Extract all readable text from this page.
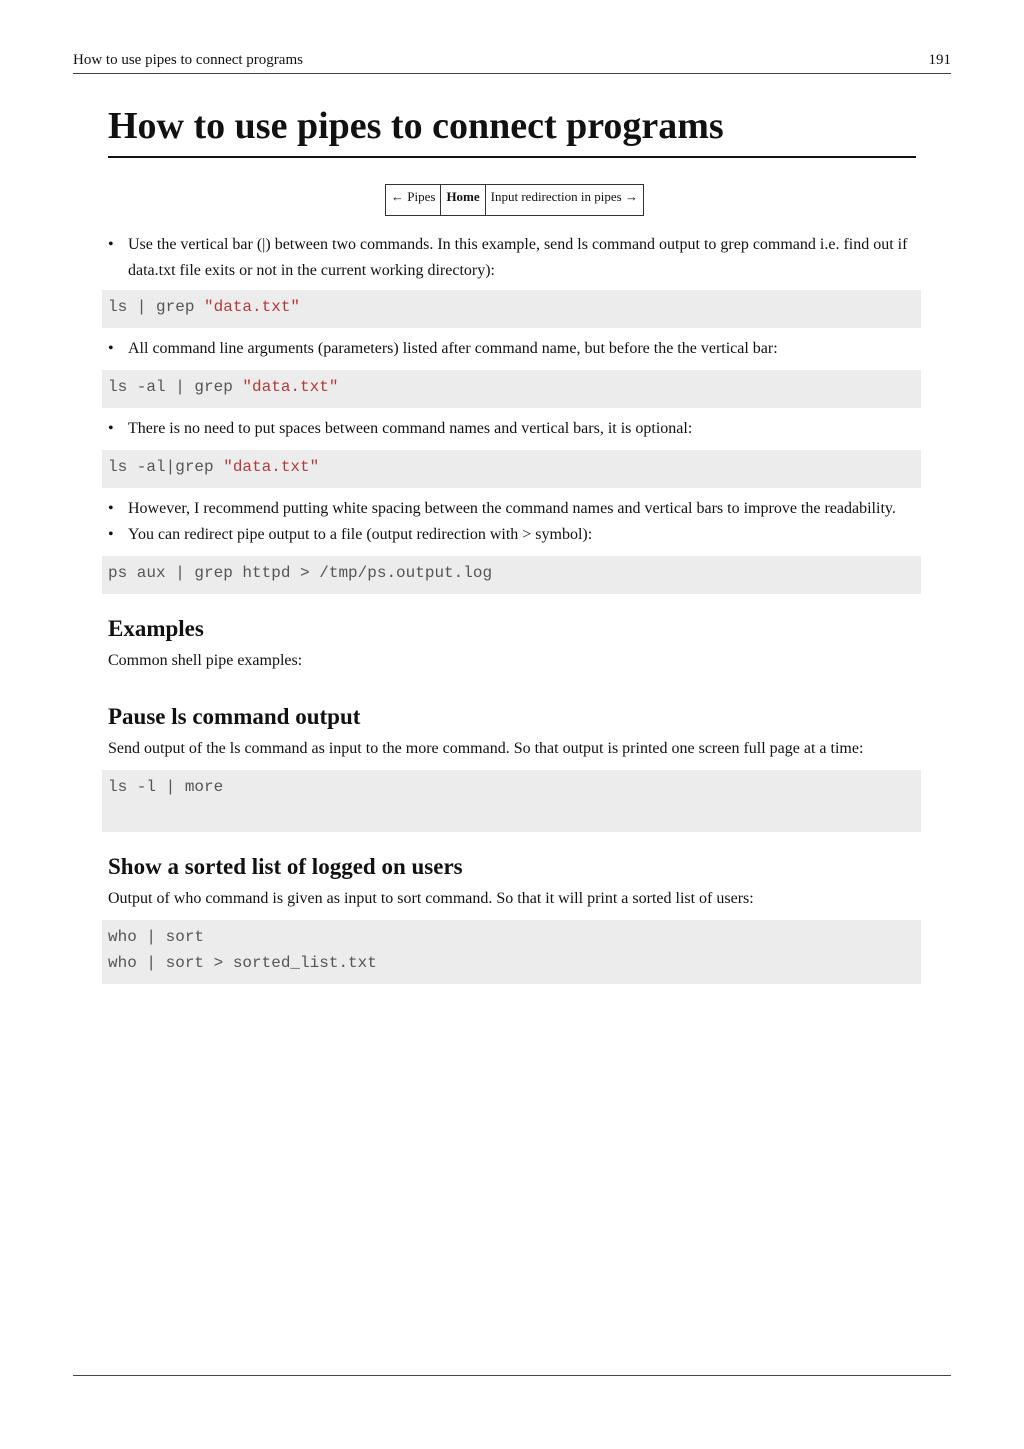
How to use pipes to connect programs	191
How to use pipes to connect programs
← Pipes Home Input redirection in pipes →
• Use the vertical bar (|) between two commands. In this example, send ls command output to grep command i.e. find out if data.txt file exits or not in the current working directory):
ls | grep "data.txt"
• All command line arguments (parameters) listed after command name, but before the the vertical bar:
ls -al | grep "data.txt"
• There is no need to put spaces between command names and vertical bars, it is optional:
ls -al|grep "data.txt"
• However, I recommend putting white spacing between the command names and vertical bars to improve the readability.
• You can redirect pipe output to a file (output redirection with > symbol):
ps aux | grep httpd > /tmp/ps.output.log
Examples

Common shell pipe examples:

Pause ls command output

Send output of the ls command as input to the more command. So that output is printed one screen full page at a time:

ls -l | more
Show a sorted list of logged on users

Output of who command is given as input to sort command. So that it will print a sorted list of users:

who | sort
who | sort > sorted_list.txt
